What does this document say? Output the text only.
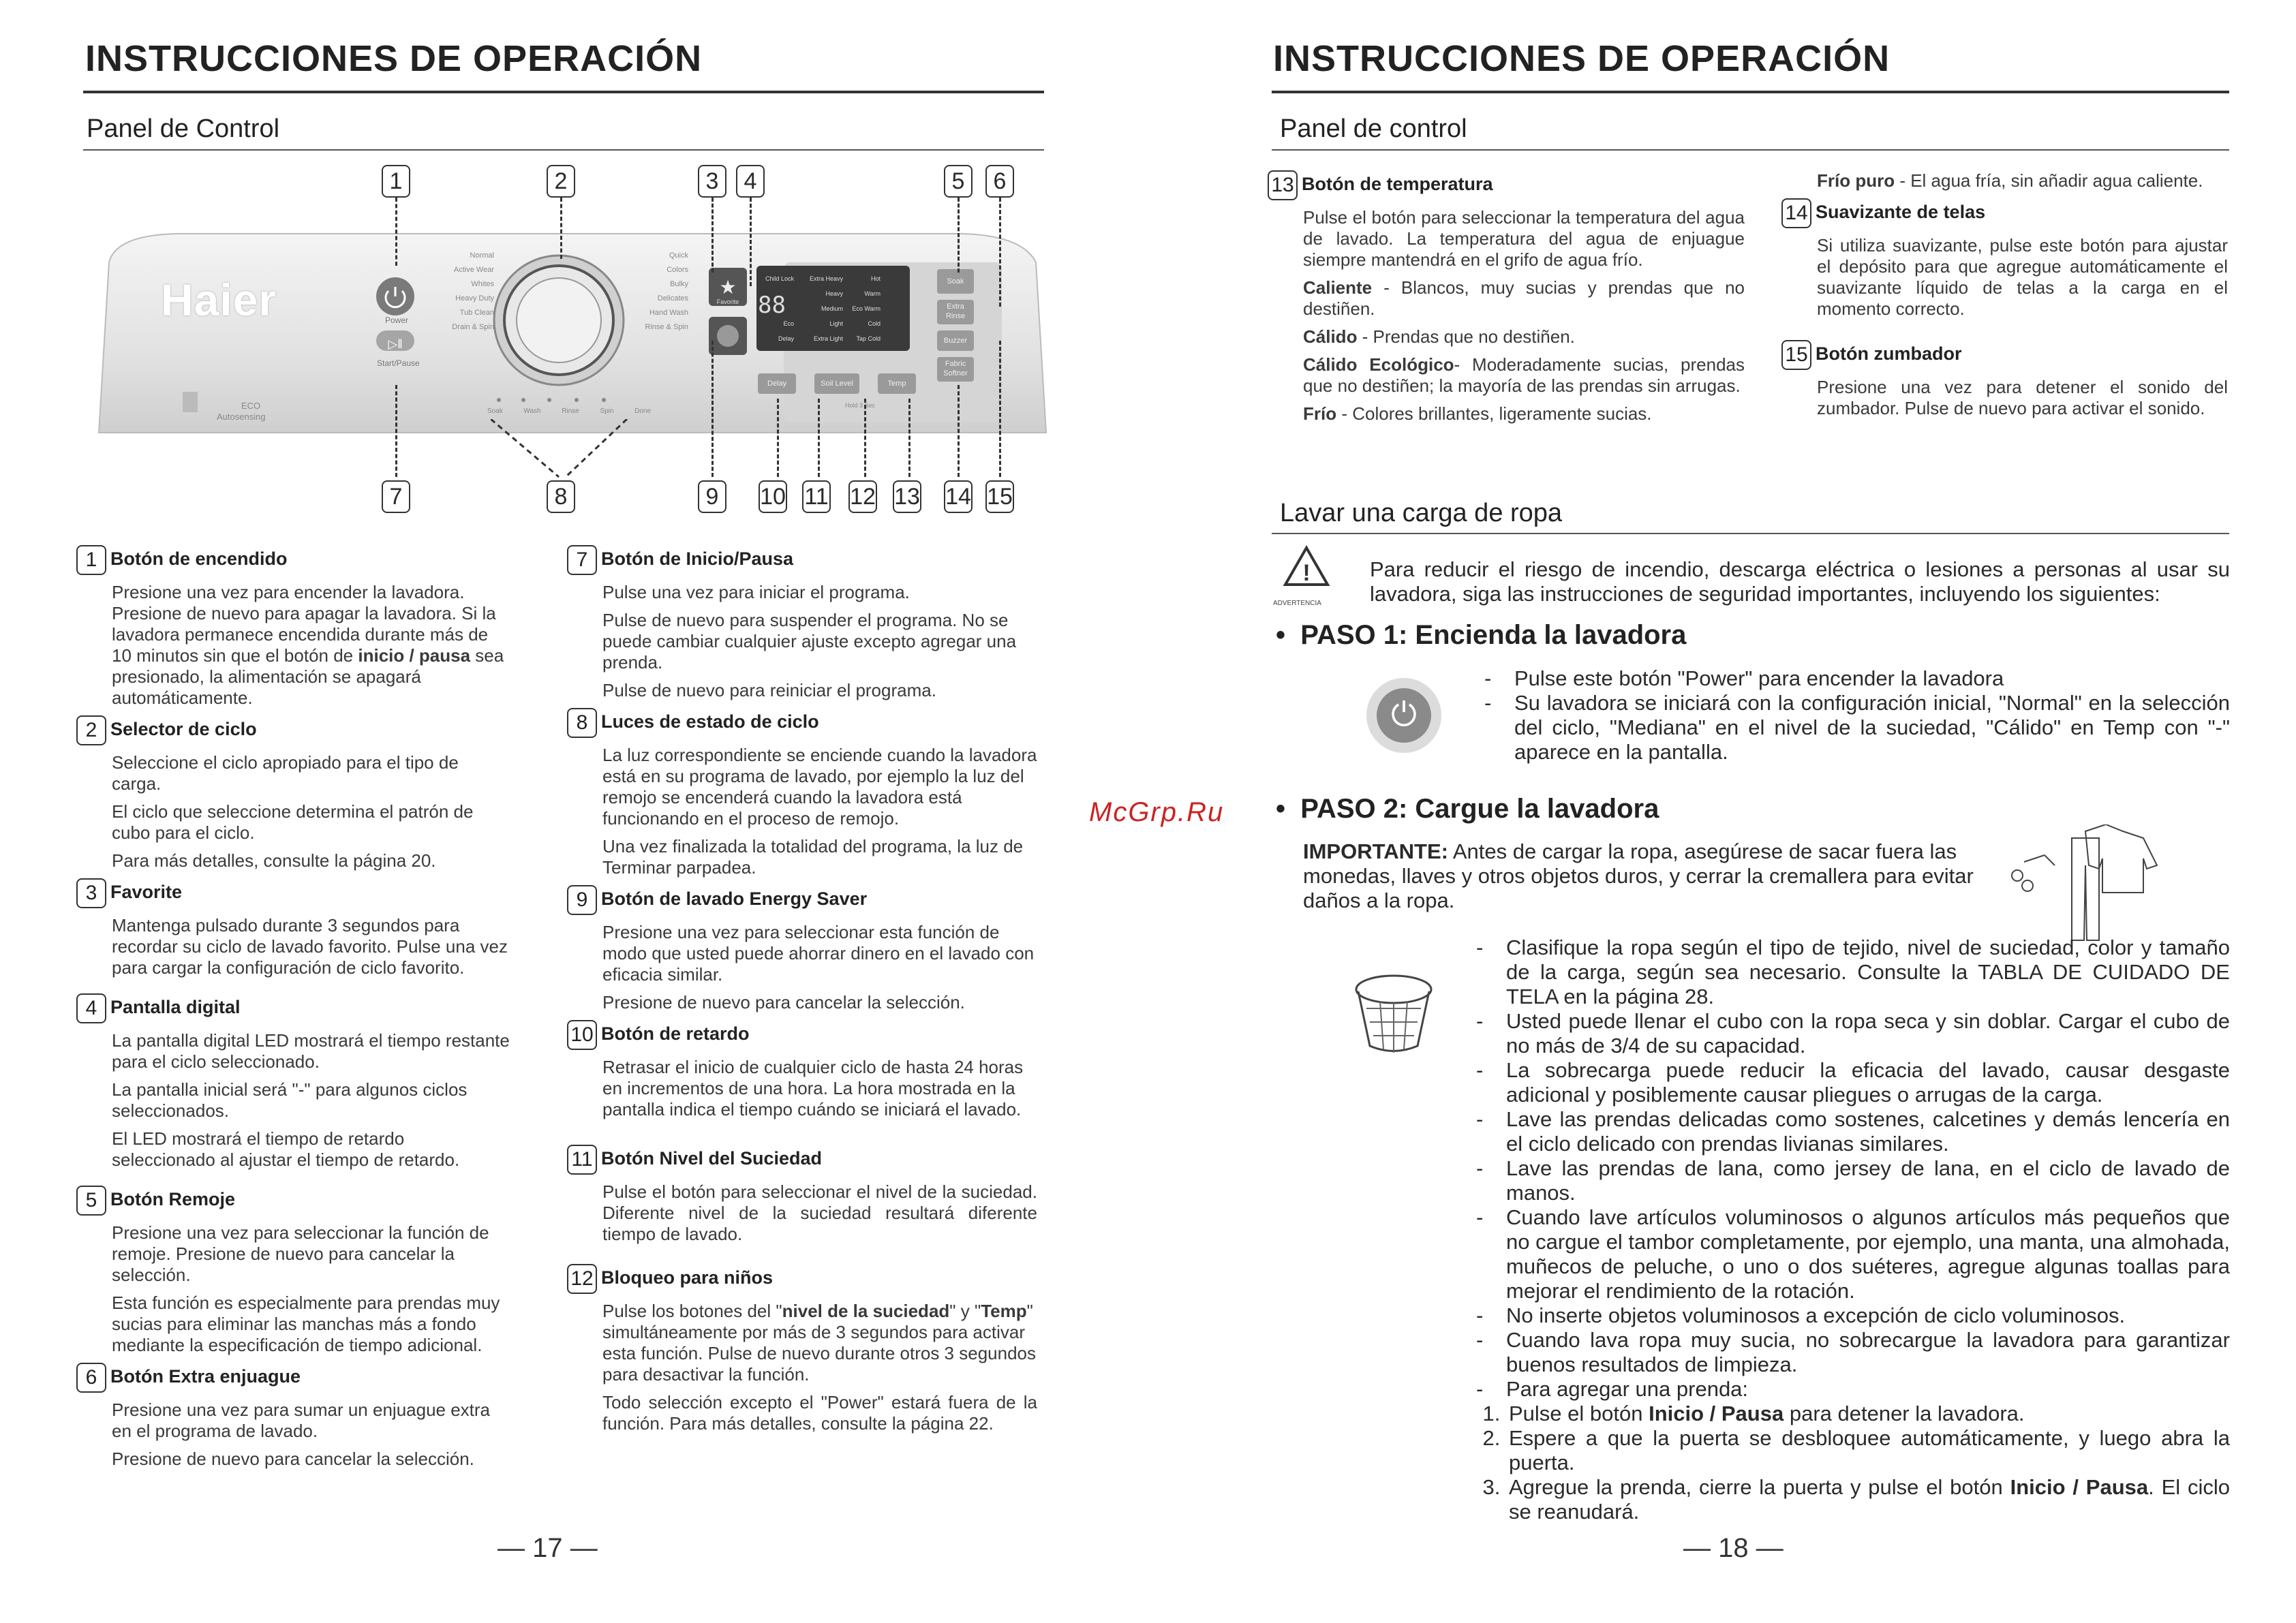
INSTRUCCIONES DE OPERACIÓN
Panel de Control
Haier	Power
Start/Pause
▷‖
ECO
Autosensing
Normal
Active Wear
Whites
Heavy Duty
Tub Clean
Drain & Spin
Quick
Colors
Bulky
Delicates
Hand Wash
Rinse & Spin
Soak	Wash	Rinse	Spin	Done
★
Favorite 88
Child Lock	Extra Heavy	Hot
Heavy	Warm
Medium	Eco Warm
Eco	Light	Cold
Delay	Extra Light	Tap Cold
Soak
Extra Rinse
Buzzer
Fabric Softner
Delay	Soil Level	Temp
Hold 3 Sec
1	2	3	4	5	6
7	8	9	10 11 12 13 14 15
1 Botón de encendido

Presione una vez para encender la lavadora. Presione de nuevo para apagar la lavadora. Si la lavadora permanece encendida durante más de 10 minutos sin que el botón de inicio / pausa sea presionado, la alimentación se apagará automáticamente.

2 Selector de ciclo

Seleccione el ciclo apropiado para el tipo de carga.

El ciclo que seleccione determina el patrón de cubo para el ciclo.

Para más detalles, consulte la página 20.

3 Favorite

Mantenga pulsado durante 3 segundos para recordar su ciclo de lavado favorito. Pulse una vez para cargar la configuración de ciclo favorito.

4 Pantalla digital

La pantalla digital LED mostrará el tiempo restante para el ciclo seleccionado.

La pantalla inicial será "-" para algunos ciclos seleccionados.

El LED mostrará el tiempo de retardo seleccionado al ajustar el tiempo de retardo.

5 Botón Remoje

Presione una vez para seleccionar la función de remoje. Presione de nuevo para cancelar la selección.

Esta función es especialmente para prendas muy sucias para eliminar las manchas más a fondo mediante la especificación de tiempo adicional.

6 Botón Extra enjuague

Presione una vez para sumar un enjuague extra en el programa de lavado.

Presione de nuevo para cancelar la selección.

7 Botón de Inicio/Pausa

Pulse una vez para iniciar el programa.

Pulse de nuevo para suspender el programa. No se puede cambiar cualquier ajuste excepto agregar una prenda.

Pulse de nuevo para reiniciar el programa.

8 Luces de estado de ciclo

La luz correspondiente se enciende cuando la lavadora está en su programa de lavado, por ejemplo la luz del remojo se encenderá cuando la lavadora está funcionando en el proceso de remojo.

Una vez finalizada la totalidad del programa, la luz de Terminar parpadea.

9 Botón de lavado Energy Saver

Presione una vez para seleccionar esta función de modo que usted puede ahorrar dinero en el lavado con eficacia similar.

Presione de nuevo para cancelar la selección.

10 Botón de retardo

Retrasar el inicio de cualquier ciclo de hasta 24 horas en incrementos de una hora. La hora mostrada en la pantalla indica el tiempo cuándo se iniciará el lavado.

11 Botón Nivel del Suciedad

Pulse el botón para seleccionar el nivel de la suciedad. Diferente nivel de la suciedad resultará diferente tiempo de lavado.

12 Bloqueo para niños

Pulse los botones del "nivel de la suciedad" y "Temp" simultáneamente por más de 3 segundos para activar esta función. Pulse de nuevo durante otros 3 segundos para desactivar la función.

Todo selección excepto el "Power" estará fuera de la función. Para más detalles, consulte la página 22.

— 17 —
McGrp.Ru
INSTRUCCIONES DE OPERACIÓN
Panel de control
13 Botón de temperatura

Pulse el botón para seleccionar la temperatura del agua de lavado. La temperatura del agua de enjuague siempre mantendrá en el grifo de agua frío.

Caliente - Blancos, muy sucias y prendas que no destiñen.

Cálido - Prendas que no destiñen.

Cálido Ecológico- Moderadamente sucias, prendas que no destiñen; la mayoría de las prendas sin arrugas.

Frío - Colores brillantes, ligeramente sucias.

Frío puro - El agua fría, sin añadir agua caliente.

14 Suavizante de telas

Si utiliza suavizante, pulse este botón para ajustar el depósito para que agregue automáticamente el suavizante líquido de telas a la carga en el momento correcto.

15 Botón zumbador

Presione una vez para detener el sonido del zumbador. Pulse de nuevo para activar el sonido.

Lavar una carga de ropa
!
ADVERTENCIA
Para reducir el riesgo de incendio, descarga eléctrica o lesiones a personas al usar su lavadora, siga las instrucciones de seguridad importantes, incluyendo los siguientes:
•  PASO 1: Encienda la lavadora
⏻
- Pulse este botón "Power" para encender la lavadora
- Su lavadora se iniciará con la configuración inicial, "Normal" en la selección del ciclo, "Mediana" en el nivel de la suciedad, "Cálido" en Temp con "-" aparece en la pantalla.
•  PASO 2: Cargue la lavadora
IMPORTANTE: Antes de cargar la ropa, asegúrese de sacar fuera las monedas, llaves y otros objetos duros, y cerrar la cremallera para evitar daños a la ropa.
- Clasifique la ropa según el tipo de tejido, nivel de suciedad, color y tamaño de la carga, según sea necesario. Consulte la TABLA DE CUIDADO DE TELA en la página 28.
- Usted puede llenar el cubo con la ropa seca y sin doblar. Cargar el cubo de no más de 3/4 de su capacidad.
- La sobrecarga puede reducir la eficacia del lavado, causar desgaste adicional y posiblemente causar pliegues o arrugas de la carga.
- Lave las prendas delicadas como sostenes, calcetines y demás lencería en el ciclo delicado con prendas livianas similares.
- Lave las prendas de lana, como jersey de lana, en el ciclo de lavado de manos.
- Cuando lave artículos voluminosos o algunos artículos más pequeños que no cargue el tambor completamente, por ejemplo, una manta, una almohada, muñecos de peluche, o uno o dos suéteres, agregue algunas toallas para mejorar el rendimiento de la rotación.
- No inserte objetos voluminosos a excepción de ciclo voluminosos.
- Cuando lava ropa muy sucia, no sobrecargue la lavadora para garantizar buenos resultados de limpieza.
- Para agregar una prenda:
1. Pulse el botón Inicio / Pausa para detener la lavadora.
2. Espere a que la puerta se desbloquee automáticamente, y luego abra la puerta.
3. Agregue la prenda, cierre la puerta y pulse el botón Inicio / Pausa. El ciclo se reanudará.
— 18 —
